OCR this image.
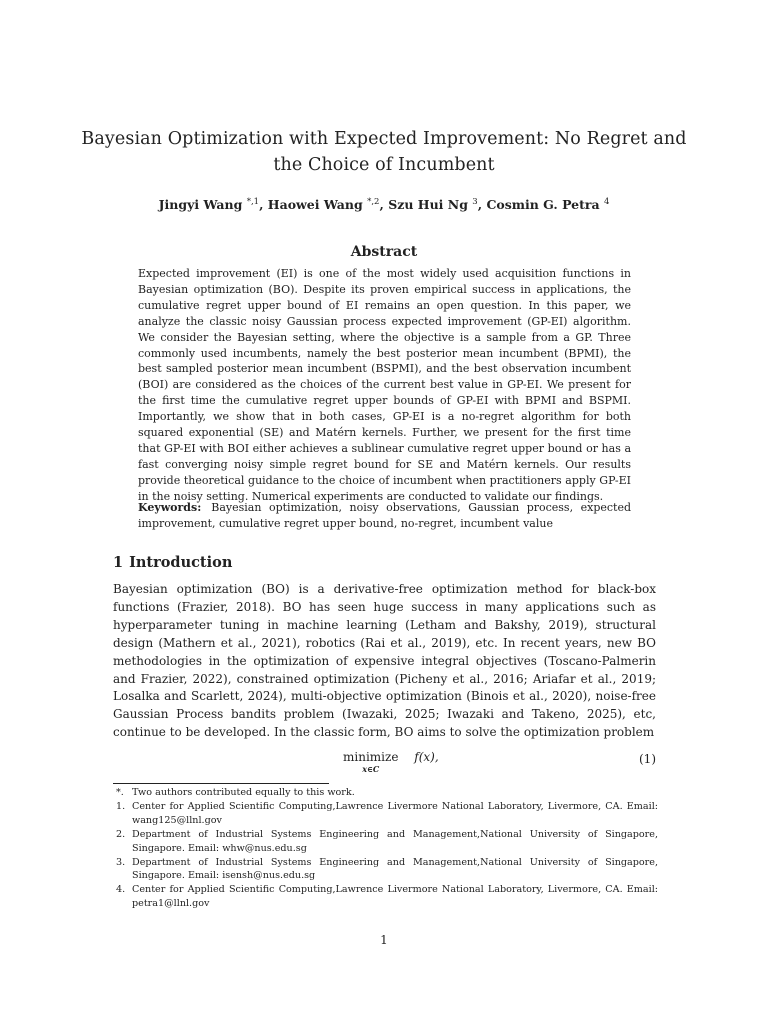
Bayesian Optimization with Expected Improvement: No Regret and the Choice of Incumbent
Jingyi Wang $^{*,1}$, Haowei Wang $^{*,2}$, Szu Hui Ng $^3$, Cosmin G. Petra $^4$
Abstract

Expected improvement (EI) is one of the most widely used acquisition functions in Bayesian optimization (BO). Despite its proven empirical success in applications, the cumulative regret upper bound of EI remains an open question. In this paper, we analyze the classic noisy Gaussian process expected improvement (GP-EI) algorithm. We consider the Bayesian setting, where the objective is a sample from a GP. Three commonly used incumbents, namely the best posterior mean incumbent (BPMI), the best sampled posterior mean incumbent (BSPMI), and the best observation incumbent (BOI) are considered as the choices of the current best value in GP-EI. We present for the first time the cumulative regret upper bounds of GP-EI with BPMI and BSPMI. Importantly, we show that in both cases, GP-EI is a no-regret algorithm for both squared exponential (SE) and Matérn kernels. Further, we present for the first time that GP-EI with BOI either achieves a sublinear cumulative regret upper bound or has a fast converging noisy simple regret bound for SE and Matérn kernels. Our results provide theoretical guidance to the choice of incumbent when practitioners apply GP-EI in the noisy setting. Numerical experiments are conducted to validate our findings.

Keywords: Bayesian optimization, noisy observations, Gaussian process, expected improvement, cumulative regret upper bound, no-regret, incumbent value

1 Introduction

Bayesian optimization (BO) is a derivative-free optimization method for black-box functions (Frazier, 2018). BO has seen huge success in many applications such as hyperparameter tuning in machine learning (Letham and Bakshy, 2019), structural design (Mathern et al., 2021), robotics (Rai et al., 2019), etc. In recent years, new BO methodologies in the optimization of expensive integral objectives (Toscano-Palmerin and Frazier, 2022), constrained optimization (Picheny et al., 2016; Ariafar et al., 2019; Losalka and Scarlett, 2024), multi-objective optimization (Binois et al., 2020), noise-free Gaussian Process bandits problem (Iwazaki, 2025; Iwazaki and Takeno, 2025), etc, continue to be developed. In the classic form, BO aims to solve the optimization problem

minimize
x∈C
f(x),	(1)
*. Two authors contributed equally to this work.
1. Center for Applied Scientific Computing,Lawrence Livermore National Laboratory, Livermore, CA. Email: wang125@llnl.gov
2. Department of Industrial Systems Engineering and Management,National University of Singapore, Singapore. Email: whw@nus.edu.sg
3. Department of Industrial Systems Engineering and Management,National University of Singapore, Singapore. Email: isensh@nus.edu.sg
4. Center for Applied Scientific Computing,Lawrence Livermore National Laboratory, Livermore, CA. Email: petra1@llnl.gov
1
